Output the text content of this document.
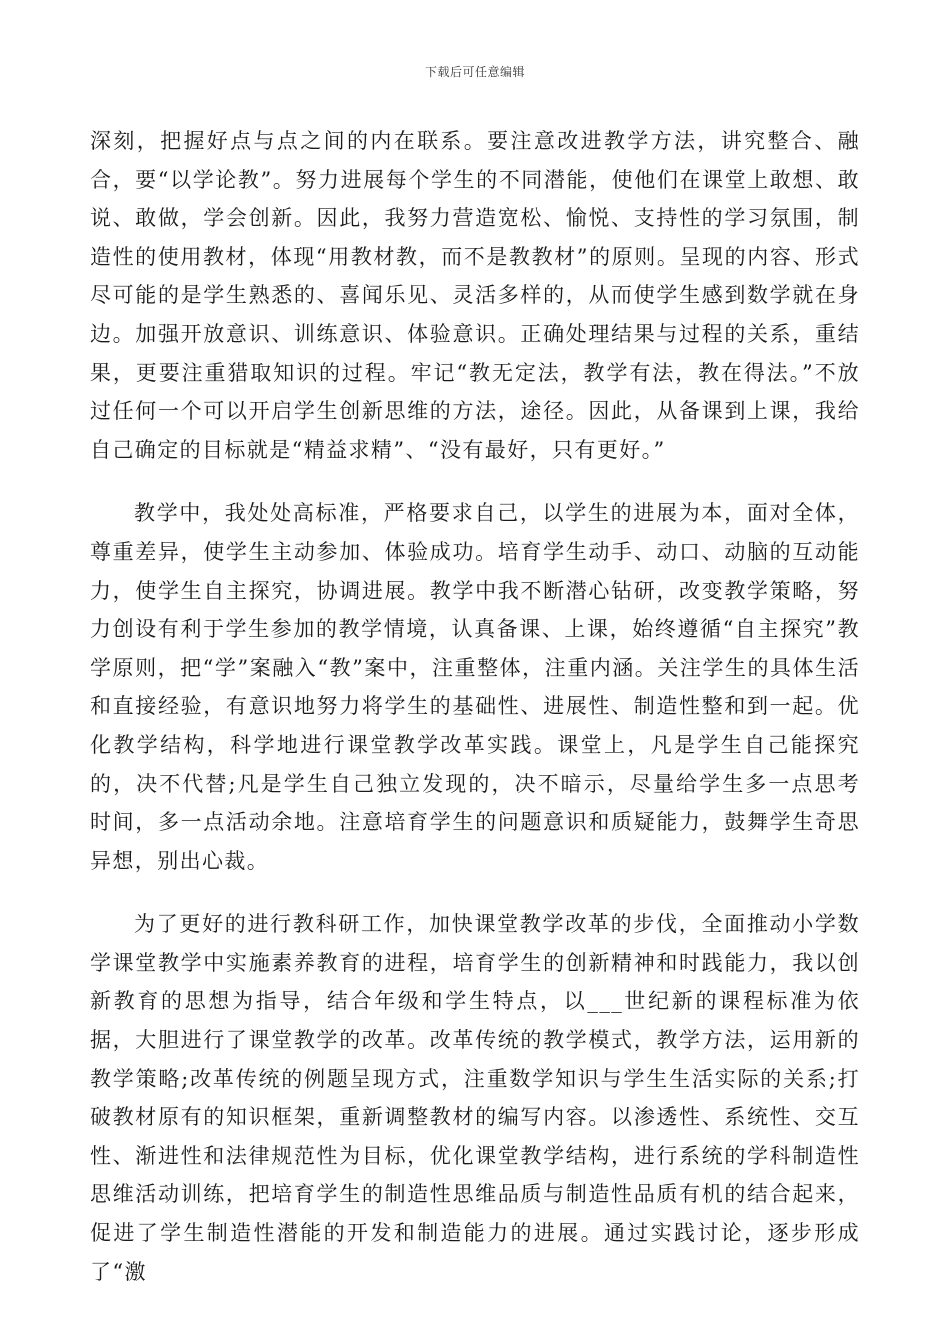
下载后可任意编辑

深刻，把握好点与点之间的内在联系。要注意改进教学方法，讲究整合、融合，要“以学论教”。努力进展每个学生的不同潜能，使他们在课堂上敢想、敢说、敢做，学会创新。因此，我努力营造宽松、愉悦、支持性的学习氛围，制造性的使用教材，体现“用教材教，而不是教教材”的原则。呈现的内容、形式尽可能的是学生熟悉的、喜闻乐见、灵活多样的，从而使学生感到数学就在身边。加强开放意识、训练意识、体验意识。正确处理结果与过程的关系，重结果，更要注重猎取知识的过程。牢记“教无定法，教学有法，教在得法。”不放过任何一个可以开启学生创新思维的方法，途径。因此，从备课到上课，我给自己确定的目标就是“精益求精”、“没有最好，只有更好。”

教学中，我处处高标准，严格要求自己，以学生的进展为本，面对全体，尊重差异，使学生主动参加、体验成功。培育学生动手、动口、动脑的互动能力，使学生自主探究，协调进展。教学中我不断潜心钻研，改变教学策略，努力创设有利于学生参加的教学情境，认真备课、上课，始终遵循“自主探究”教学原则，把“学”案融入“教”案中，注重整体，注重内涵。关注学生的具体生活和直接经验，有意识地努力将学生的基础性、进展性、制造性整和到一起。优化教学结构，科学地进行课堂教学改革实践。课堂上，凡是学生自己能探究的，决不代替;凡是学生自己独立发现的，决不暗示，尽量给学生多一点思考时间，多一点活动余地。注意培育学生的问题意识和质疑能力，鼓舞学生奇思异想，别出心裁。

为了更好的进行教科研工作，加快课堂教学改革的步伐，全面推动小学数学课堂教学中实施素养教育的进程，培育学生的创新精神和时践能力，我以创新教育的思想为指导，结合年级和学生特点，以___世纪新的课程标准为依据，大胆进行了课堂教学的改革。改革传统的教学模式，教学方法，运用新的教学策略;改革传统的例题呈现方式，注重数学知识与学生生活实际的关系;打破教材原有的知识框架，重新调整教材的编写内容。以渗透性、系统性、交互性、渐进性和法律规范性为目标，优化课堂教学结构，进行系统的学科制造性思维活动训练，把培育学生的制造性思维品质与制造性品质有机的结合起来，促进了学生制造性潜能的开发和制造能力的进展。通过实践讨论，逐步形成了“激
